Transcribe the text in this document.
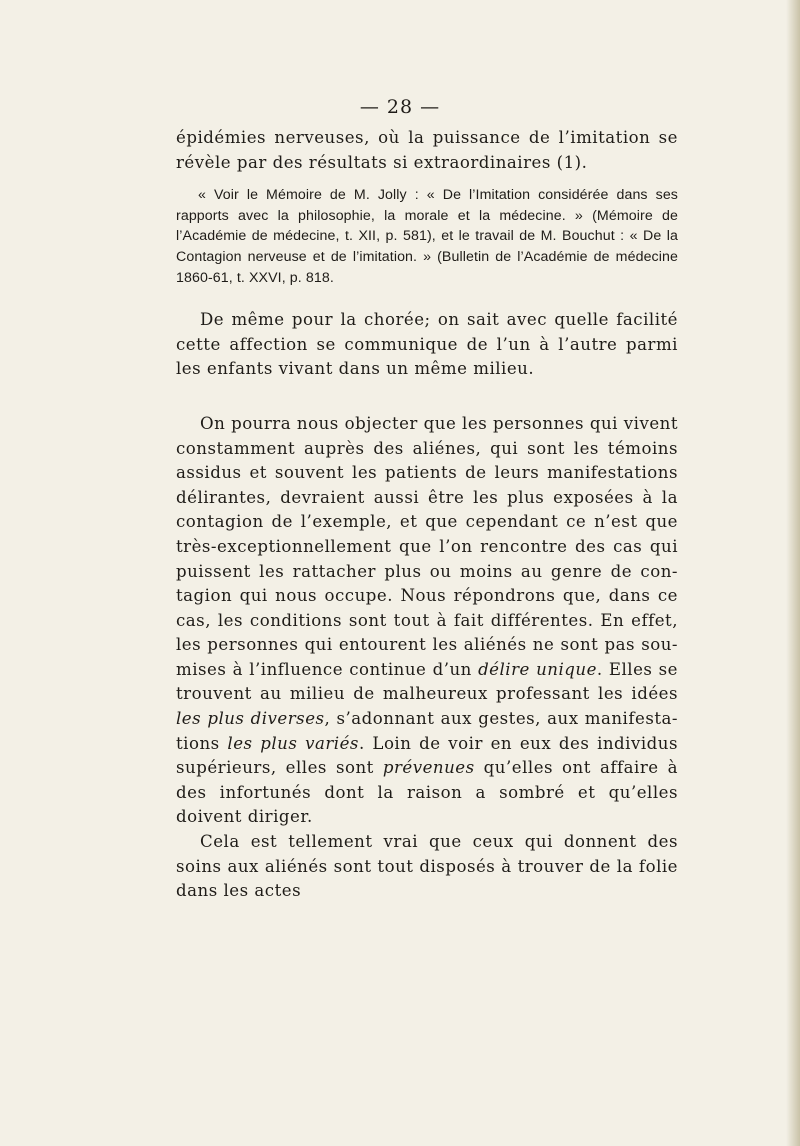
— 28 —

épidémies nerveuses, où la puissance de l’imitation se révèle par des résultats si extraordinaires (1).

« Voir le Mémoire de M. Jolly : « De l’Imitation considérée dans ses rapports avec la philosophie, la morale et la médecine. » (Mémoire de l’Académie de médecine, t. XII, p. 581), et le travail de M. Bouchut : « De la Contagion nerveuse et de l’imitation. » (Bulletin de l’Académie de médecine 1860-61, t. XXVI, p. 818.

De même pour la chorée; on sait avec quelle facilité cette affection se communique de l’un à l’autre parmi les enfants vivant dans un même milieu.

On pourra nous objecter que les personnes qui vivent constamment auprès des aliénes, qui sont les témoins assidus et souvent les patients de leurs manifestations délirantes, devraient aussi être les plus exposées à la contagion de l’exemple, et que cependant ce n’est que très-exceptionnellement que l’on rencontre des cas qui puissent les rattacher plus ou moins au genre de con-tagion qui nous occupe. Nous répondrons que, dans ce cas, les conditions sont tout à fait différentes. En effet, les personnes qui entourent les aliénés ne sont pas sou-mises à l’influence continue d’un délire unique. Elles se trouvent au milieu de malheureux professant les idées les plus diverses, s’adonnant aux gestes, aux manifesta-tions les plus variés. Loin de voir en eux des individus supérieurs, elles sont prévenues qu’elles ont affaire à des infortunés dont la raison a sombré et qu’elles doivent diriger.

Cela est tellement vrai que ceux qui donnent des soins aux aliénés sont tout disposés à trouver de la folie dans les actes
